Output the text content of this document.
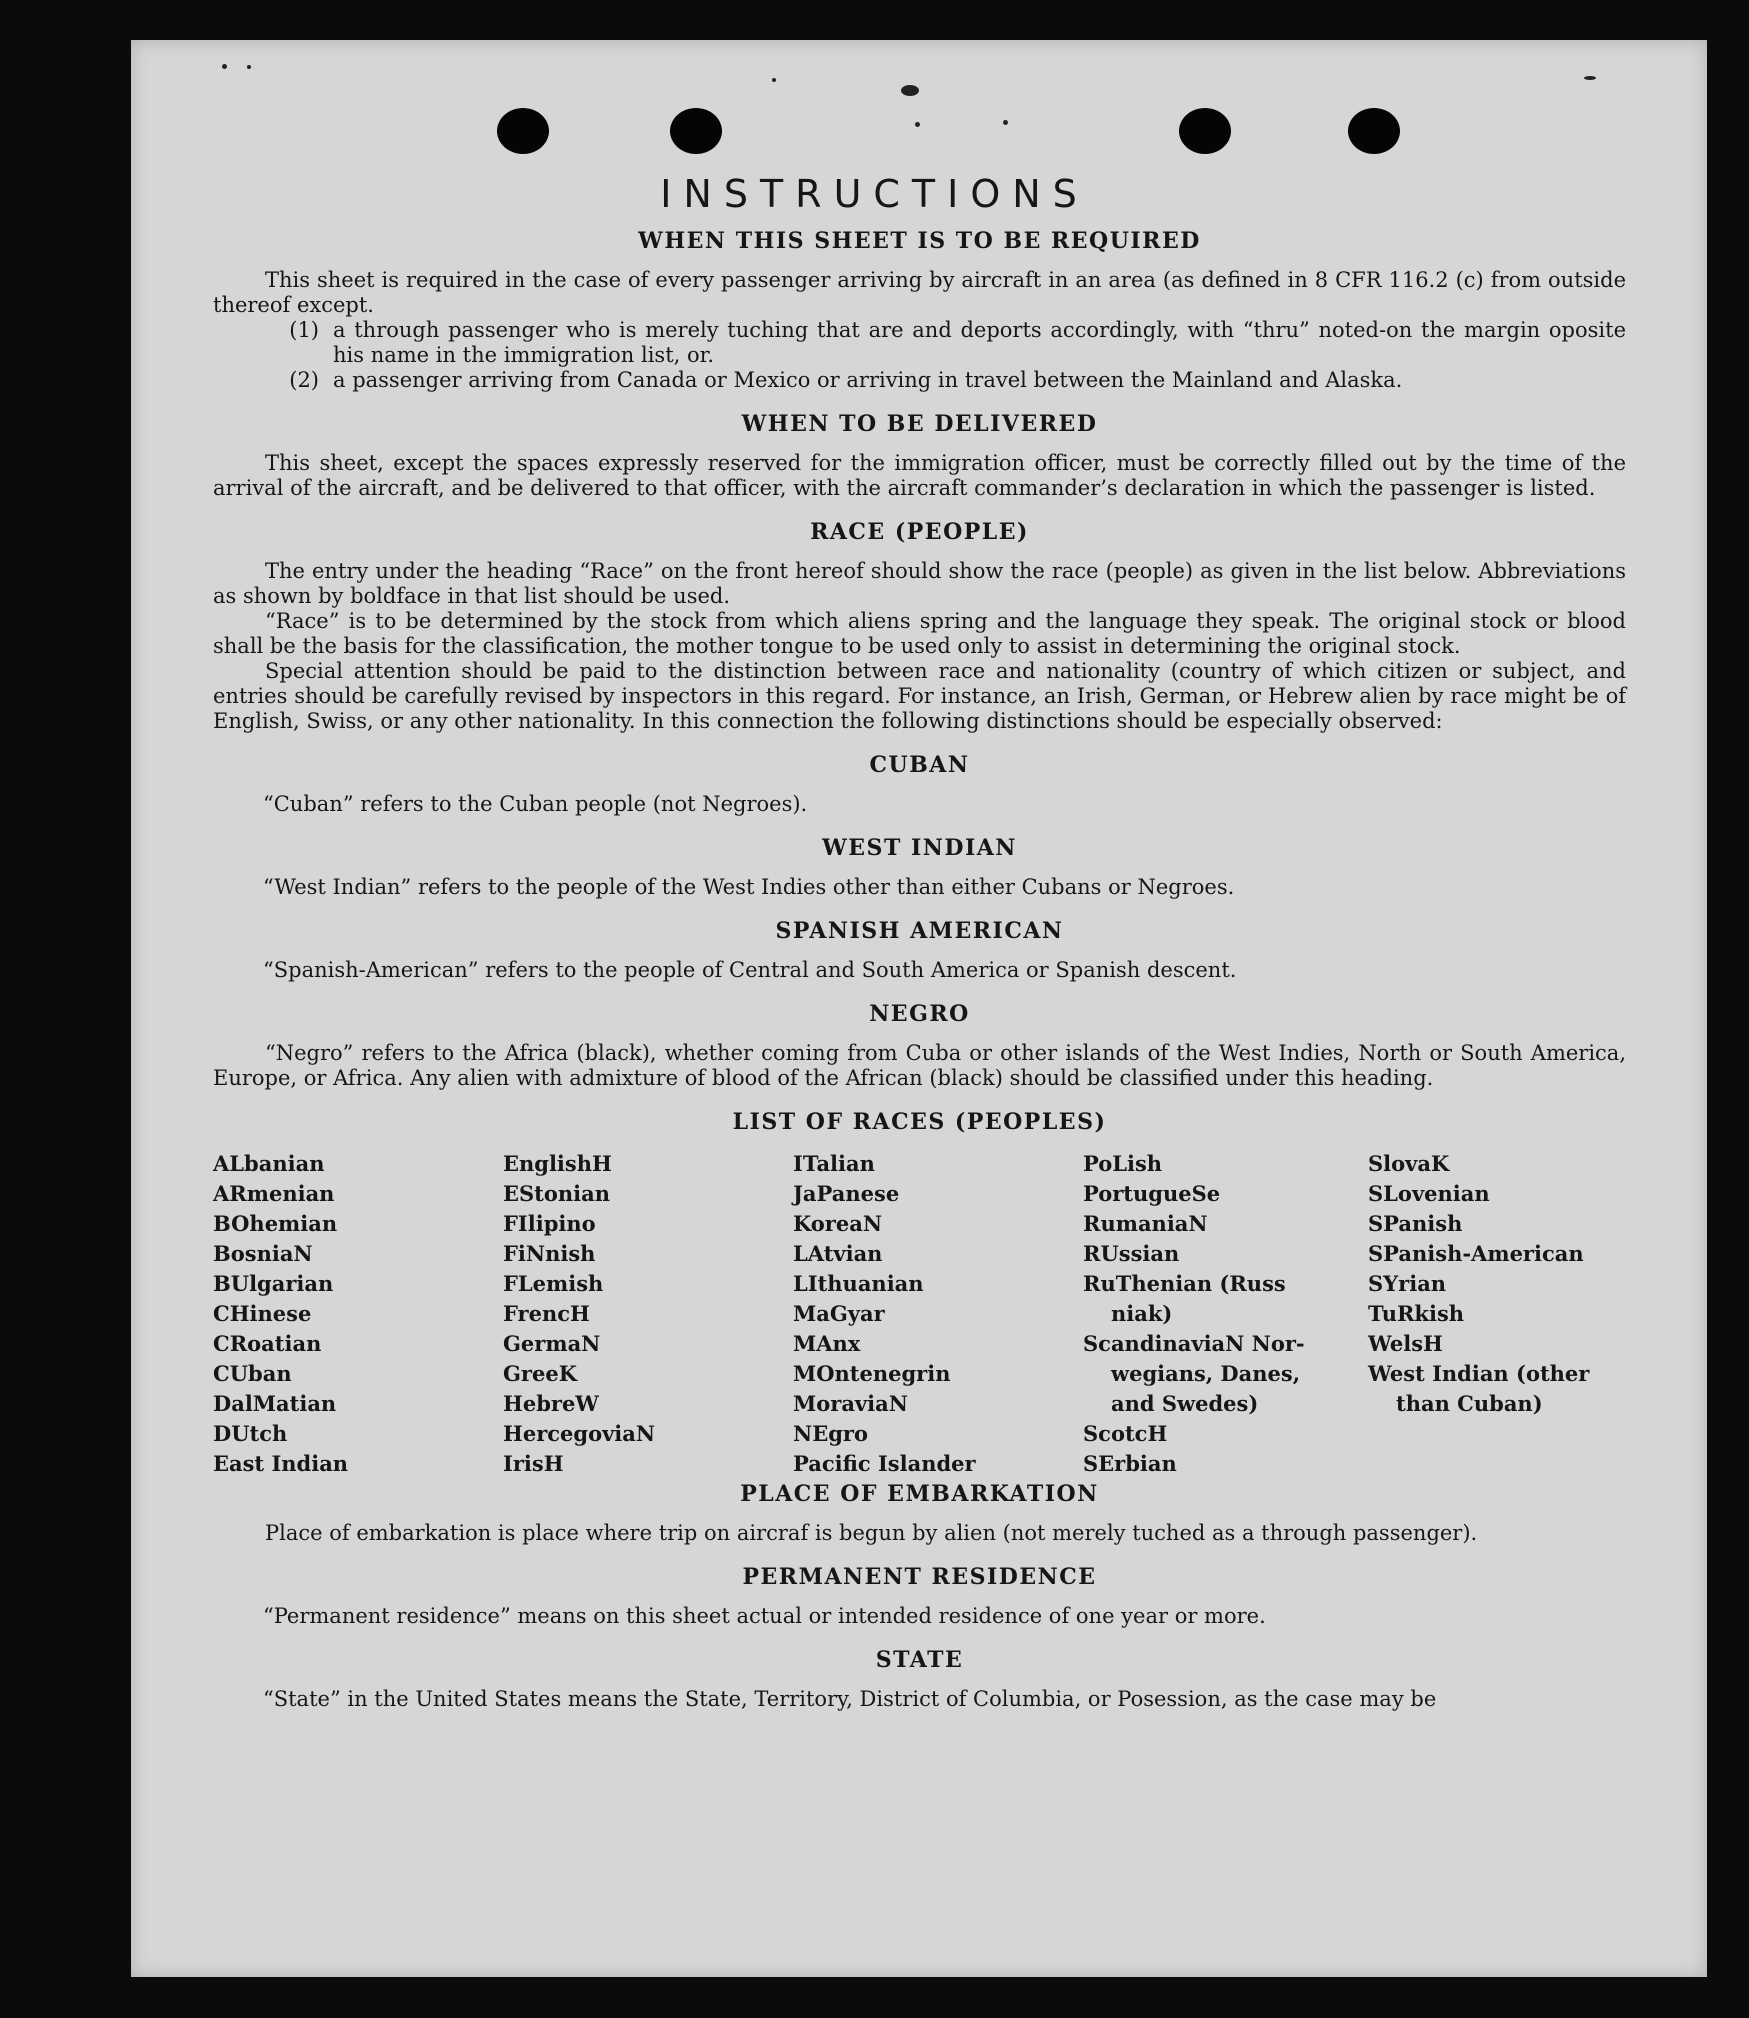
INSTRUCTIONS
WHEN THIS SHEET IS TO BE REQUIRED

This sheet is required in the case of every passenger arriving by aircraft in an area (as defined in 8 CFR 116.2 (c) from outside thereof except.

(1) a through passenger who is merely tuching that are and deports accordingly, with “thru” noted-on the margin oposite his name in the immigration list, or.
(2) a passenger arriving from Canada or Mexico or arriving in travel between the Mainland and Alaska.
WHEN TO BE DELIVERED

This sheet, except the spaces expressly reserved for the immigration officer, must be correctly filled out by the time of the arrival of the aircraft, and be delivered to that officer, with the aircraft commander’s declaration in which the passenger is listed.

RACE (PEOPLE)

The entry under the heading “Race” on the front hereof should show the race (people) as given in the list below. Abbreviations as shown by boldface in that list should be used.

“Race” is to be determined by the stock from which aliens spring and the language they speak. The original stock or blood shall be the basis for the classification, the mother tongue to be used only to assist in determining the original stock.

Special attention should be paid to the distinction between race and nationality (country of which citizen or subject, and entries should be carefully revised by inspectors in this regard. For instance, an Irish, German, or Hebrew alien by race might be of English, Swiss, or any other nationality. In this connection the following distinctions should be especially observed:

CUBAN

“Cuban” refers to the Cuban people (not Negroes).

WEST INDIAN

“West Indian” refers to the people of the West Indies other than either Cubans or Negroes.

SPANISH AMERICAN

“Spanish-American” refers to the people of Central and South America or Spanish descent.

NEGRO

“Negro” refers to the Africa (black), whether coming from Cuba or other islands of the West Indies, North or South America, Europe, or Africa. Any alien with admixture of blood of the African (black) should be classified under this heading.

LIST OF RACES (PEOPLES)
ALbanian
ARmenian
BOhemian
BosniaN
BUlgarian
CHinese
CRoatian
CUban
DalMatian
DUtch
East Indian
EnglishH
EStonian
FIlipino
FiNnish
FLemish
FrencH
GermaN
GreeK
HebreW
HercegoviaN
IrisH
ITalian
JaPanese
KoreaN
LAtvian
LIthuanian
MaGyar
MAnx
MOntenegrin
MoraviaN
NEgro
Pacific Islander
PoLish
PortugueSe
RumaniaN
RUssian
RuThenian (Russ
niak)
ScandinaviaN Nor-
wegians, Danes,
and Swedes)
ScotcH
SErbian
SlovaK
SLovenian
SPanish
SPanish-American
SYrian
TuRkish
WelsH
West Indian (other
than Cuban)
PLACE OF EMBARKATION

Place of embarkation is place where trip on aircraf is begun by alien (not merely tuched as a through passenger).

PERMANENT RESIDENCE

“Permanent residence” means on this sheet actual or intended residence of one year or more.

STATE

“State” in the United States means the State, Territory, District of Columbia, or Posession, as the case may be
